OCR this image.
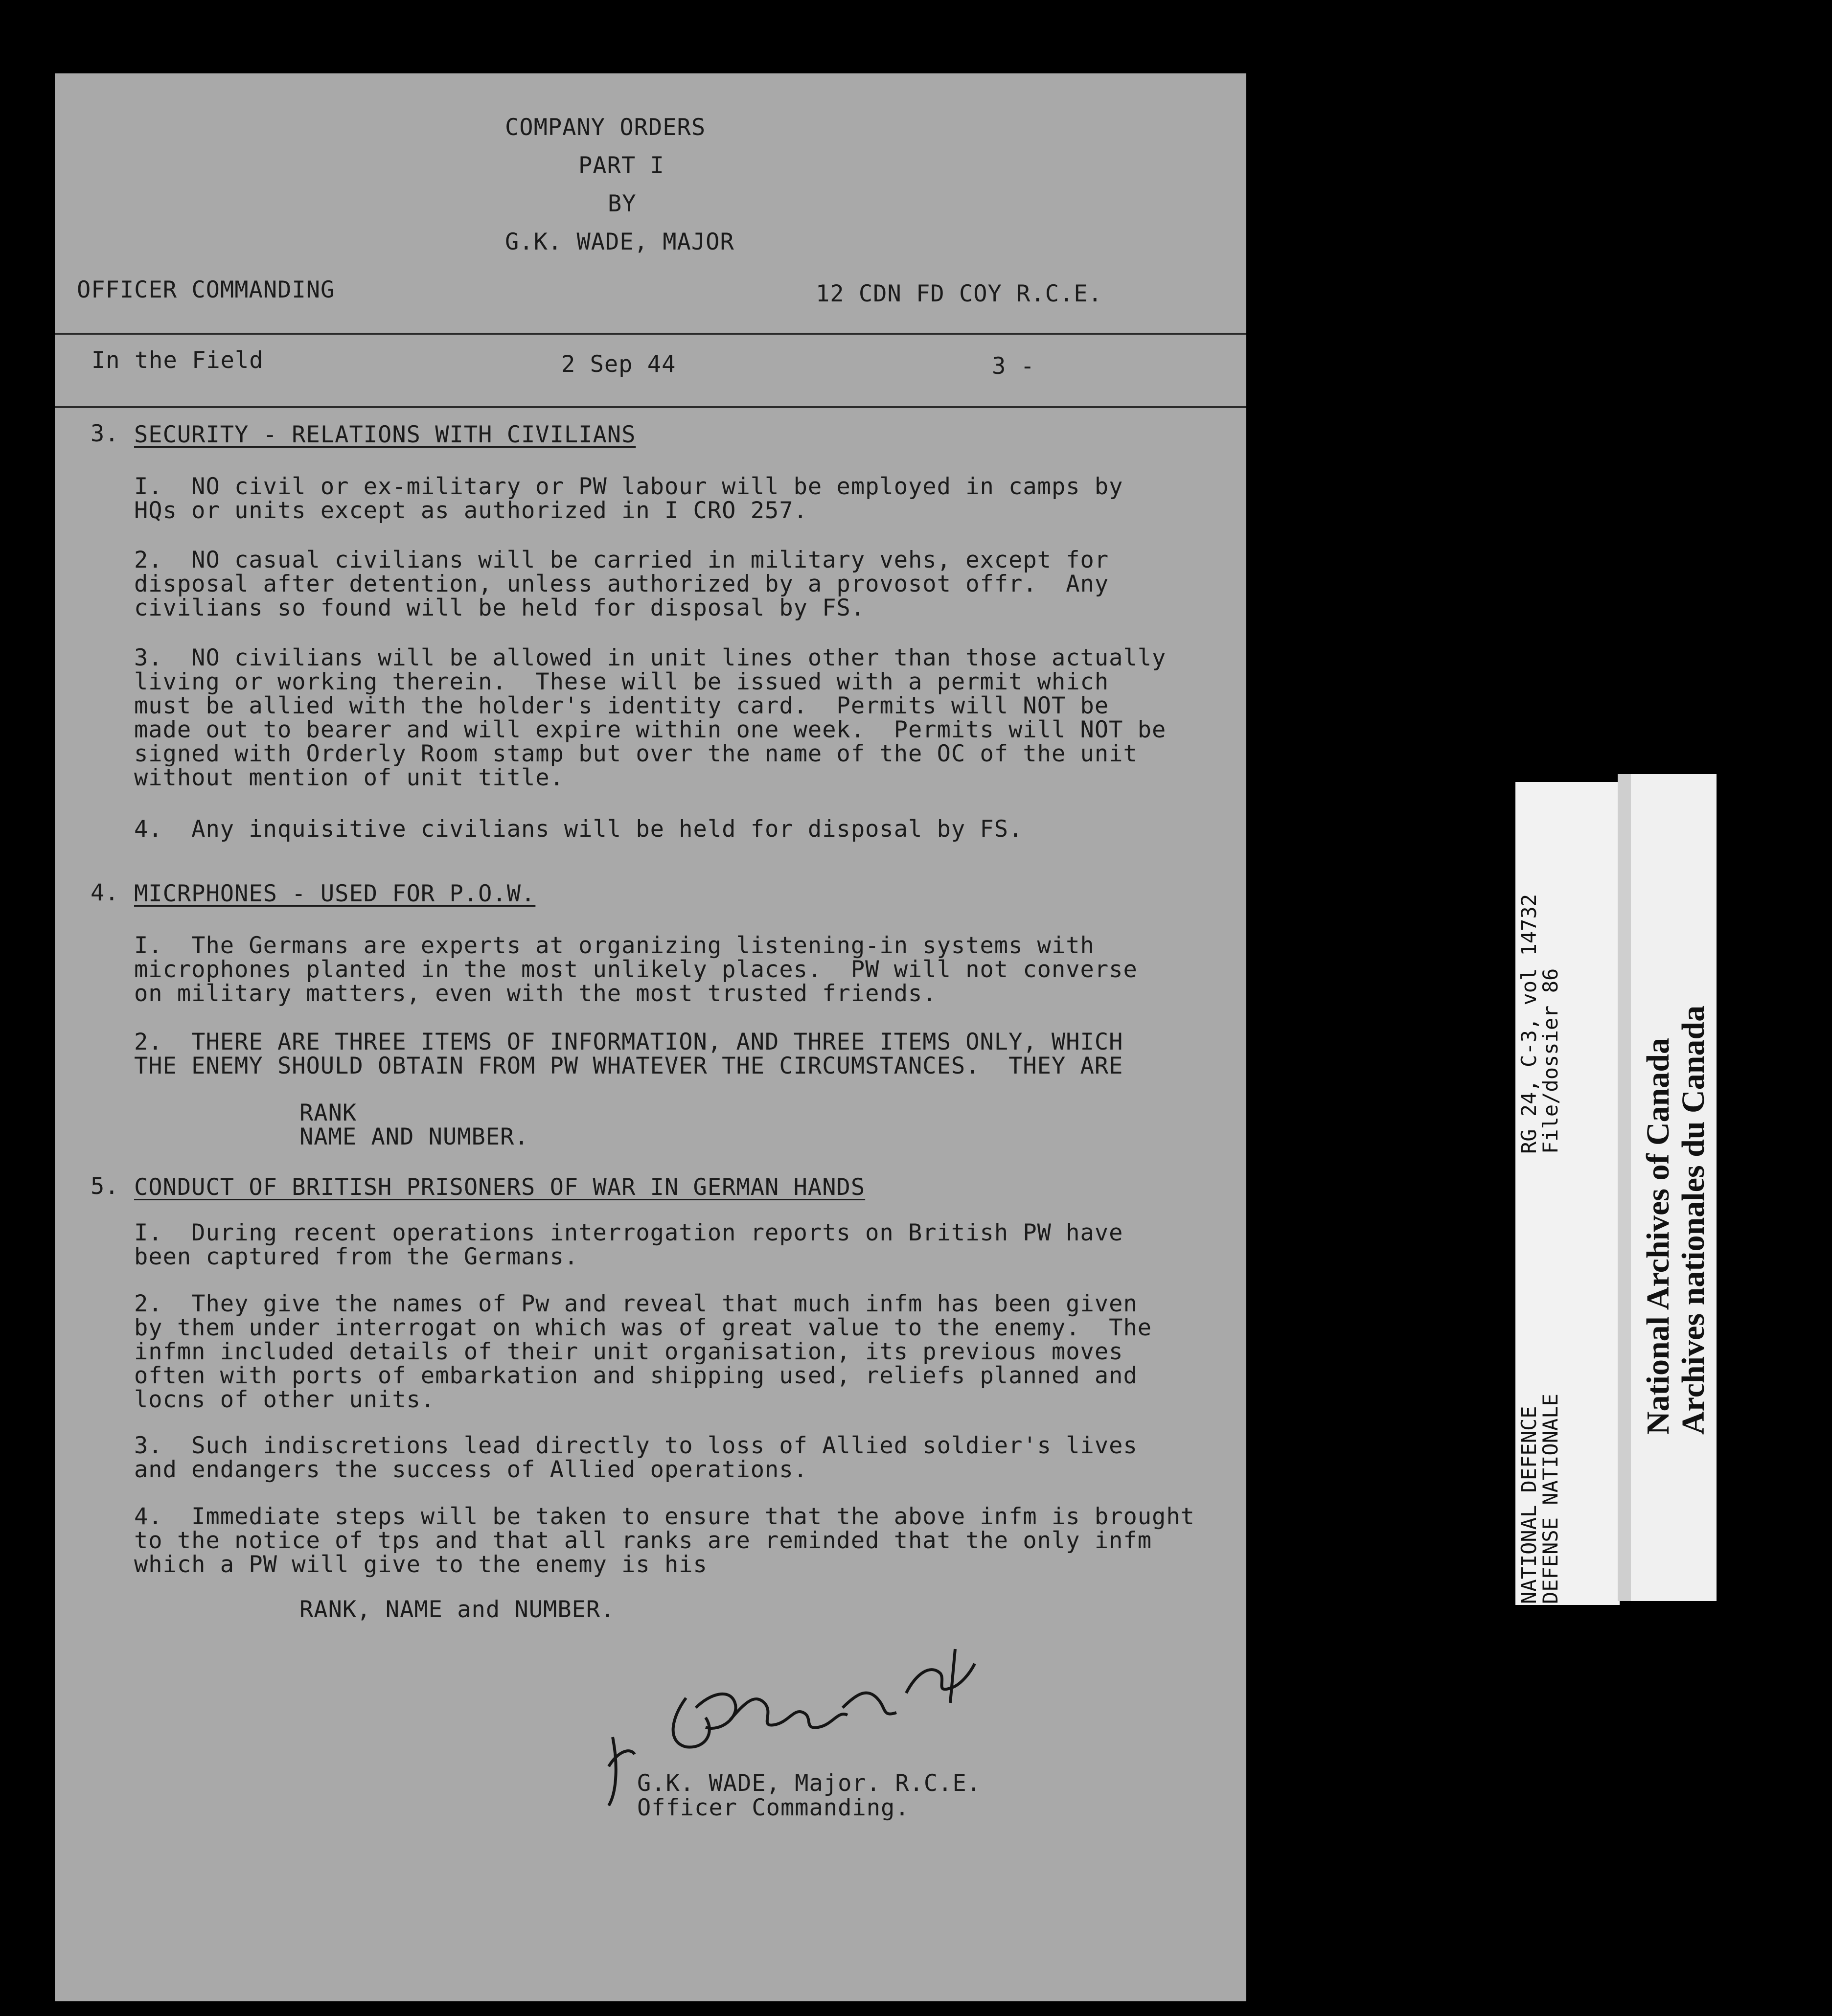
COMPANY ORDERS
PART I
BY
G.K. WADE, MAJOR
OFFICER COMMANDING	12 CDN FD COY R.C.E.
In the Field	2 Sep 44	3 -
3. SECURITY - RELATIONS WITH CIVILIANS
I.  NO civil or ex-military or PW labour will be employed in camps by
HQs or units except as authorized in I CRO 257.
2.  NO casual civilians will be carried in military vehs, except for
disposal after detention, unless authorized by a provosot offr.  Any
civilians so found will be held for disposal by FS.
3.  NO civilians will be allowed in unit lines other than those actually
living or working therein.  These will be issued with a permit which
must be allied with the holder's identity card.  Permits will NOT be
made out to bearer and will expire within one week.  Permits will NOT be
signed with Orderly Room stamp but over the name of the OC of the unit
without mention of unit title.
4.  Any inquisitive civilians will be held for disposal by FS.
4. MICRPHONES - USED FOR P.O.W.
I.  The Germans are experts at organizing listening-in systems with
microphones planted in the most unlikely places.  PW will not converse
on military matters, even with the most trusted friends.
2.  THERE ARE THREE ITEMS OF INFORMATION, AND THREE ITEMS ONLY, WHICH
THE ENEMY SHOULD OBTAIN FROM PW WHATEVER THE CIRCUMSTANCES.  THEY ARE
RANK
NAME AND NUMBER.
5. CONDUCT OF BRITISH PRISONERS OF WAR IN GERMAN HANDS
I.  During recent operations interrogation reports on British PW have
been captured from the Germans.
2.  They give the names of Pw and reveal that much infm has been given
by them under interrogat on which was of great value to the enemy.  The
infmn included details of their unit organisation, its previous moves
often with ports of embarkation and shipping used, reliefs planned and
locns of other units.
3.  Such indiscretions lead directly to loss of Allied soldier's lives
and endangers the success of Allied operations.
4.  Immediate steps will be taken to ensure that the above infm is brought
to the notice of tps and that all ranks are reminded that the only infm
which a PW will give to the enemy is his
RANK, NAME and NUMBER.
G.K. WADE, Major. R.C.E.
Officer Commanding.
NATIONAL DEFENCE
DEFENSE NATIONALE
RG 24, C-3, vol 14732
File/dossier 86 National Archives of Canada Archives nationales du Canada
